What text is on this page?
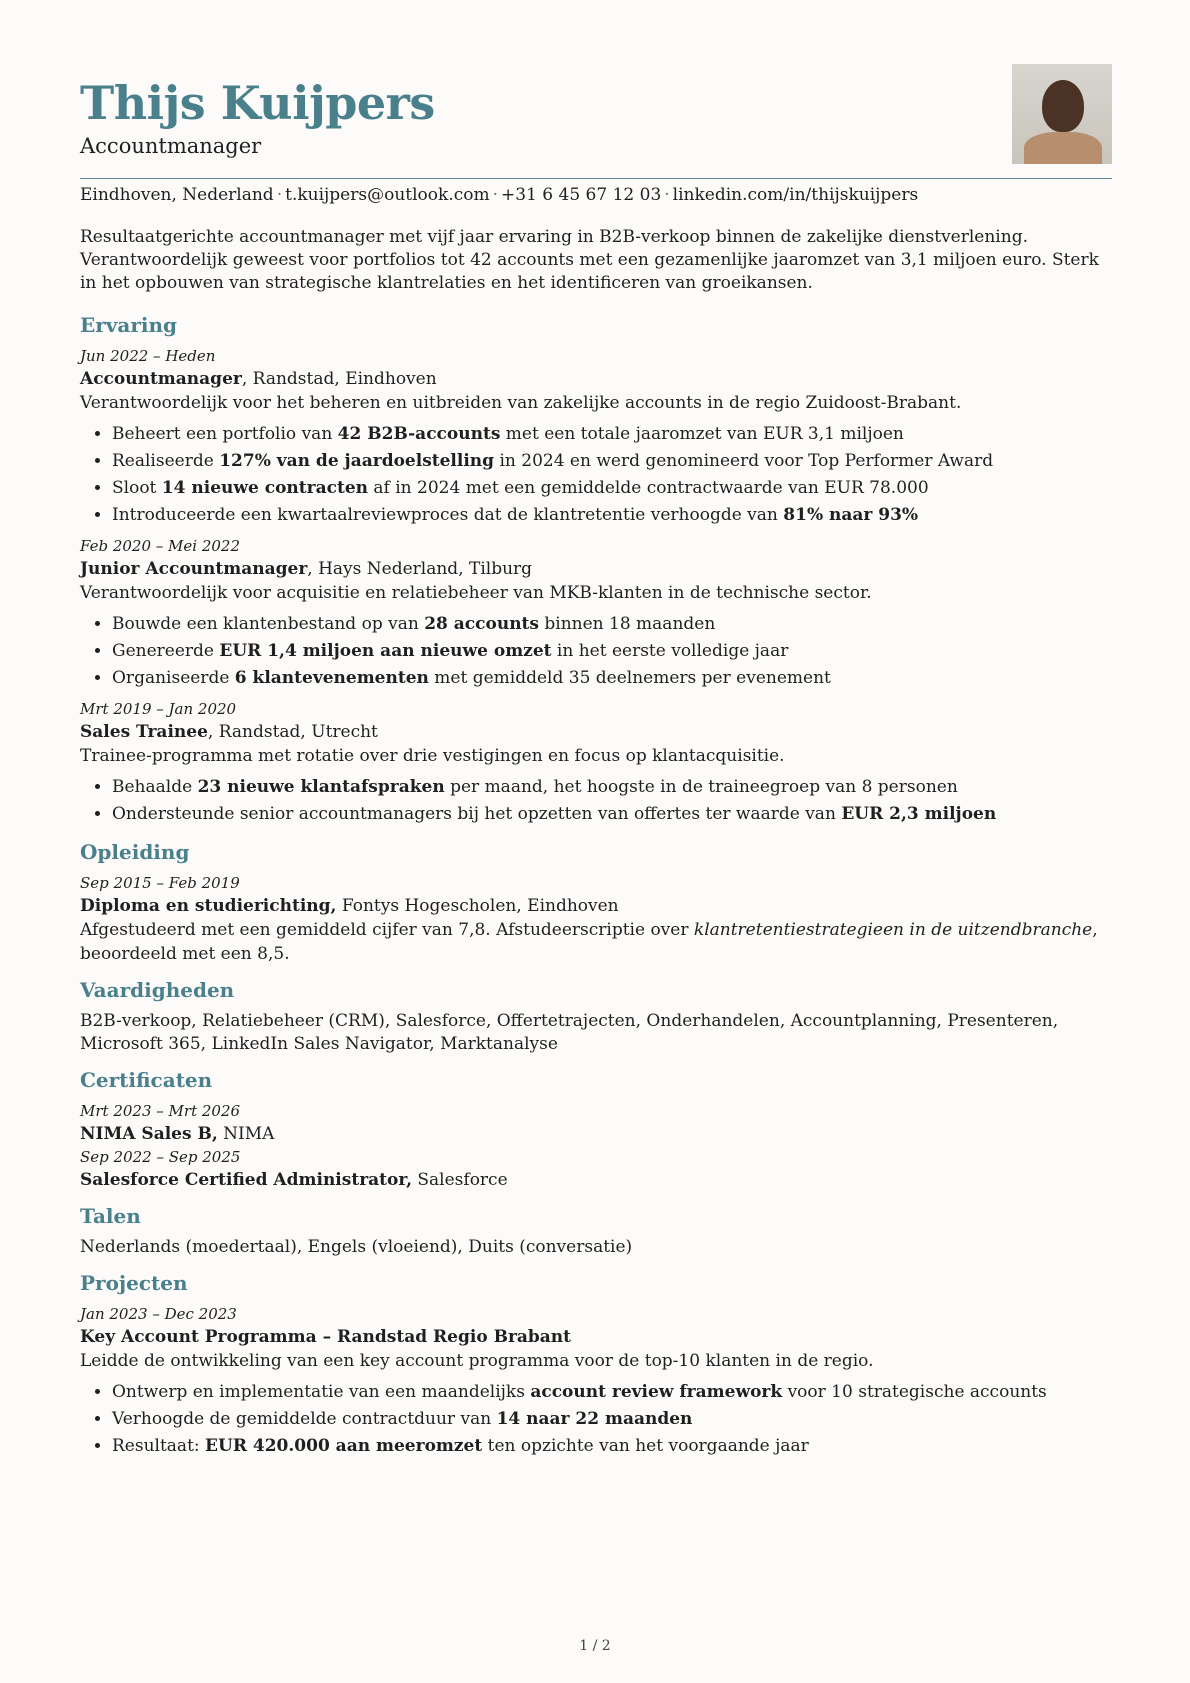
Thijs Kuijpers
Accountmanager
Eindhoven, Nederland · t.kuijpers@outlook.com · +31 6 45 67 12 03 · linkedin.com/in/thijskuijpers

Resultaatgerichte accountmanager met vijf jaar ervaring in B2B-verkoop binnen de zakelijke dienstverlening. Verantwoordelijk geweest voor portfolios tot 42 accounts met een gezamenlijke jaaromzet van 3,1 miljoen euro. Sterk in het opbouwen van strategische klantrelaties en het identificeren van groeikansen.

Ervaring

Jun 2022 – Heden

Accountmanager, Randstad, Eindhoven

Verantwoordelijk voor het beheren en uitbreiden van zakelijke accounts in de regio Zuidoost-Brabant.

• Beheert een portfolio van 42 B2B-accounts met een totale jaaromzet van EUR 3,1 miljoen
• Realiseerde 127% van de jaardoelstelling in 2024 en werd genomineerd voor Top Performer Award
• Sloot 14 nieuwe contracten af in 2024 met een gemiddelde contractwaarde van EUR 78.000
• Introduceerde een kwartaalreviewproces dat de klantretentie verhoogde van 81% naar 93%

Feb 2020 – Mei 2022

Junior Accountmanager, Hays Nederland, Tilburg

Verantwoordelijk voor acquisitie en relatiebeheer van MKB-klanten in de technische sector.

• Bouwde een klantenbestand op van 28 accounts binnen 18 maanden
• Genereerde EUR 1,4 miljoen aan nieuwe omzet in het eerste volledige jaar
• Organiseerde 6 klantevenementen met gemiddeld 35 deelnemers per evenement

Mrt 2019 – Jan 2020

Sales Trainee, Randstad, Utrecht

Trainee-programma met rotatie over drie vestigingen en focus op klantacquisitie.

• Behaalde 23 nieuwe klantafspraken per maand, het hoogste in de traineegroep van 8 personen
• Ondersteunde senior accountmanagers bij het opzetten van offertes ter waarde van EUR 2,3 miljoen
Opleiding

Sep 2015 – Feb 2019

Diploma en studierichting, Fontys Hogescholen, Eindhoven

Afgestudeerd met een gemiddeld cijfer van 7,8. Afstudeerscriptie over klantretentiestrategieen in de uitzendbranche, beoordeeld met een 8,5.

Vaardigheden

B2B-verkoop, Relatiebeheer (CRM), Salesforce, Offertetrajecten, Onderhandelen, Accountplanning, Presenteren, Microsoft 365, LinkedIn Sales Navigator, Marktanalyse

Certificaten

Mrt 2023 – Mrt 2026

NIMA Sales B, NIMA

Sep 2022 – Sep 2025

Salesforce Certified Administrator, Salesforce

Talen

Nederlands (moedertaal), Engels (vloeiend), Duits (conversatie)

Projecten

Jan 2023 – Dec 2023

Key Account Programma – Randstad Regio Brabant

Leidde de ontwikkeling van een key account programma voor de top-10 klanten in de regio.

• Ontwerp en implementatie van een maandelijks account review framework voor 10 strategische accounts
• Verhoogde de gemiddelde contractduur van 14 naar 22 maanden
• Resultaat: EUR 420.000 aan meeromzet ten opzichte van het voorgaande jaar
1 / 2
